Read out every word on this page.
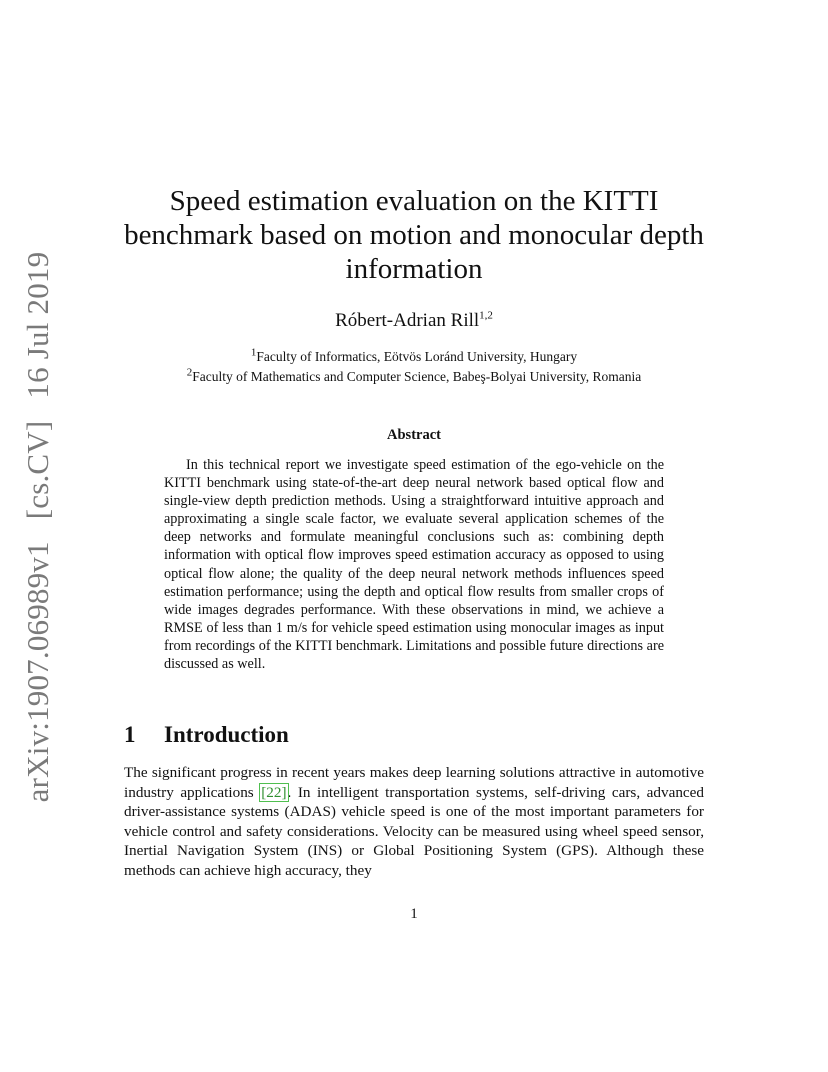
arXiv:1907.06989v1[cs.CV]16 Jul 2019
Speed estimation evaluation on the KITTI
benchmark based on motion and monocular depth
information
Róbert-Adrian Rill$^{1,2}$
$^1$Faculty of Informatics, Eötvös Loránd University, Hungary
$^2$Faculty of Mathematics and Computer Science, Babeş-Bolyai University, Romania
Abstract

In this technical report we investigate speed estimation of the ego-vehicle on the KITTI benchmark using state-of-the-art deep neural network based optical flow and single-view depth prediction methods. Using a straightforward intuitive approach and approximating a single scale factor, we evaluate several application schemes of the deep networks and formulate meaningful conclusions such as: combining depth information with optical flow improves speed estimation accuracy as opposed to using optical flow alone; the quality of the deep neural network methods influences speed estimation performance; using the depth and optical flow results from smaller crops of wide images degrades performance. With these observations in mind, we achieve a RMSE of less than 1 m/s for vehicle speed estimation using monocular images as input from recordings of the KITTI benchmark. Limitations and possible future directions are discussed as well.

1 Introduction

The significant progress in recent years makes deep learning solutions attractive in automotive industry applications [22]. In intelligent transportation systems, self-driving cars, advanced driver-assistance systems (ADAS) vehicle speed is one of the most important parameters for vehicle control and safety considerations. Velocity can be measured using wheel speed sensor, Inertial Navigation System (INS) or Global Positioning System (GPS). Although these methods can achieve high accuracy, they

1
